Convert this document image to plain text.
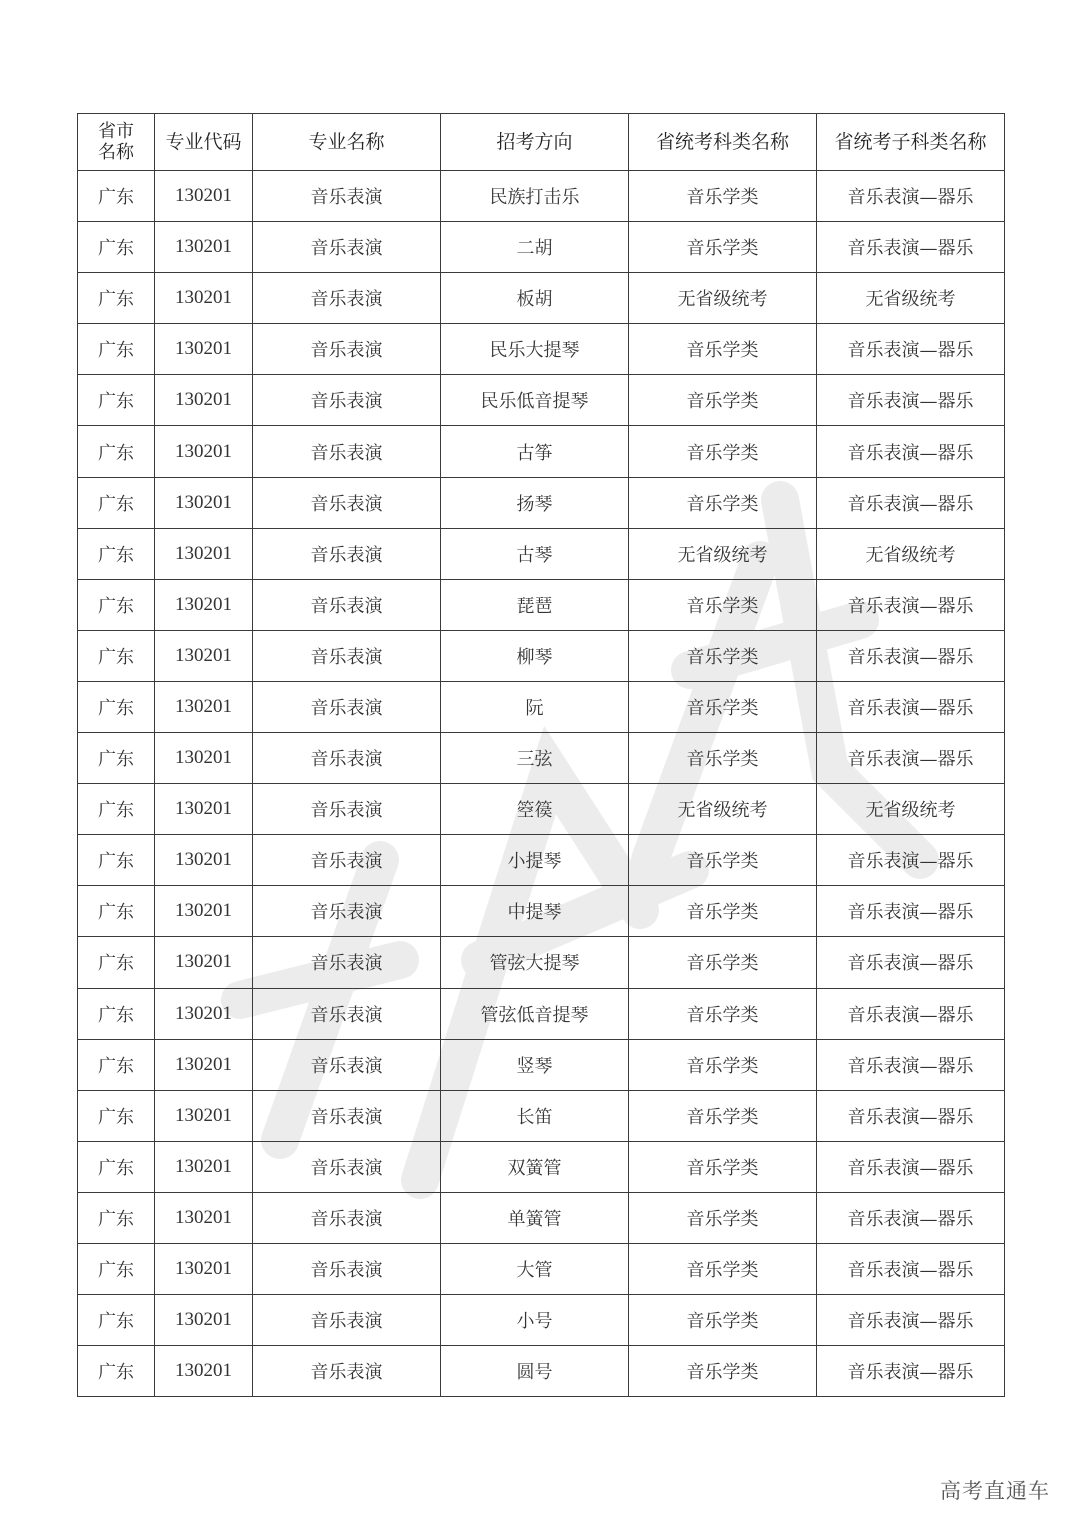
省市
名称	专业代码	专业名称	招考方向	省统考科类名称	省统考子科类名称
广东	130201	音乐表演	民族打击乐	音乐学类	音乐表演—器乐
广东	130201	音乐表演	二胡	音乐学类	音乐表演—器乐
广东	130201	音乐表演	板胡	无省级统考	无省级统考
广东	130201	音乐表演	民乐大提琴	音乐学类	音乐表演—器乐
广东	130201	音乐表演	民乐低音提琴	音乐学类	音乐表演—器乐
广东	130201	音乐表演	古筝	音乐学类	音乐表演—器乐
广东	130201	音乐表演	扬琴	音乐学类	音乐表演—器乐
广东	130201	音乐表演	古琴	无省级统考	无省级统考
广东	130201	音乐表演	琵琶	音乐学类	音乐表演—器乐
广东	130201	音乐表演	柳琴	音乐学类	音乐表演—器乐
广东	130201	音乐表演	阮	音乐学类	音乐表演—器乐
广东	130201	音乐表演	三弦	音乐学类	音乐表演—器乐
广东	130201	音乐表演	箜篌	无省级统考	无省级统考
广东	130201	音乐表演	小提琴	音乐学类	音乐表演—器乐
广东	130201	音乐表演	中提琴	音乐学类	音乐表演—器乐
广东	130201	音乐表演	管弦大提琴	音乐学类	音乐表演—器乐
广东	130201	音乐表演	管弦低音提琴	音乐学类	音乐表演—器乐
广东	130201	音乐表演	竖琴	音乐学类	音乐表演—器乐
广东	130201	音乐表演	长笛	音乐学类	音乐表演—器乐
广东	130201	音乐表演	双簧管	音乐学类	音乐表演—器乐
广东	130201	音乐表演	单簧管	音乐学类	音乐表演—器乐
广东	130201	音乐表演	大管	音乐学类	音乐表演—器乐
广东	130201	音乐表演	小号	音乐学类	音乐表演—器乐
广东	130201	音乐表演	圆号	音乐学类	音乐表演—器乐
高考直通车
